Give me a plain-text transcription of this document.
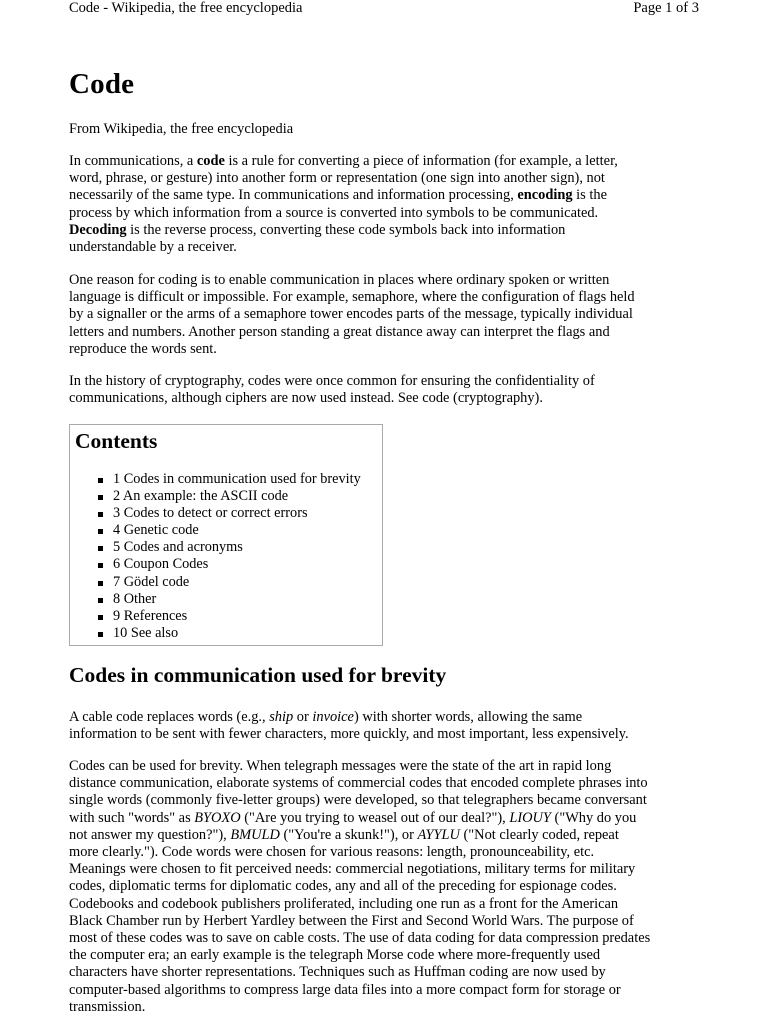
Code - Wikipedia, the free encyclopedia	Page 1 of 3
Code
From Wikipedia, the free encyclopedia

In communications, a code is a rule for converting a piece of information (for example, a letter,
word, phrase, or gesture) into another form or representation (one sign into another sign), not
necessarily of the same type. In communications and information processing, encoding is the
process by which information from a source is converted into symbols to be communicated.
Decoding is the reverse process, converting these code symbols back into information
understandable by a receiver.

One reason for coding is to enable communication in places where ordinary spoken or written
language is difficult or impossible. For example, semaphore, where the configuration of flags held
by a signaller or the arms of a semaphore tower encodes parts of the message, typically individual
letters and numbers. Another person standing a great distance away can interpret the flags and
reproduce the words sent.

In the history of cryptography, codes were once common for ensuring the confidentiality of
communications, although ciphers are now used instead. See code (cryptography).

Contents
1 Codes in communication used for brevity
2 An example: the ASCII code
3 Codes to detect or correct errors
4 Genetic code
5 Codes and acronyms
6 Coupon Codes
7 Gödel code
8 Other
9 References
10 See also
Codes in communication used for brevity

A cable code replaces words (e.g., ship or invoice) with shorter words, allowing the same
information to be sent with fewer characters, more quickly, and most important, less expensively.

Codes can be used for brevity. When telegraph messages were the state of the art in rapid long
distance communication, elaborate systems of commercial codes that encoded complete phrases into
single words (commonly five-letter groups) were developed, so that telegraphers became conversant
with such "words" as BYOXO ("Are you trying to weasel out of our deal?"), LIOUY ("Why do you
not answer my question?"), BMULD ("You're a skunk!"), or AYYLU ("Not clearly coded, repeat
more clearly."). Code words were chosen for various reasons: length, pronounceability, etc.
Meanings were chosen to fit perceived needs: commercial negotiations, military terms for military
codes, diplomatic terms for diplomatic codes, any and all of the preceding for espionage codes.
Codebooks and codebook publishers proliferated, including one run as a front for the American
Black Chamber run by Herbert Yardley between the First and Second World Wars. The purpose of
most of these codes was to save on cable costs. The use of data coding for data compression predates
the computer era; an early example is the telegraph Morse code where more-frequently used
characters have shorter representations. Techniques such as Huffman coding are now used by
computer-based algorithms to compress large data files into a more compact form for storage or
transmission.
